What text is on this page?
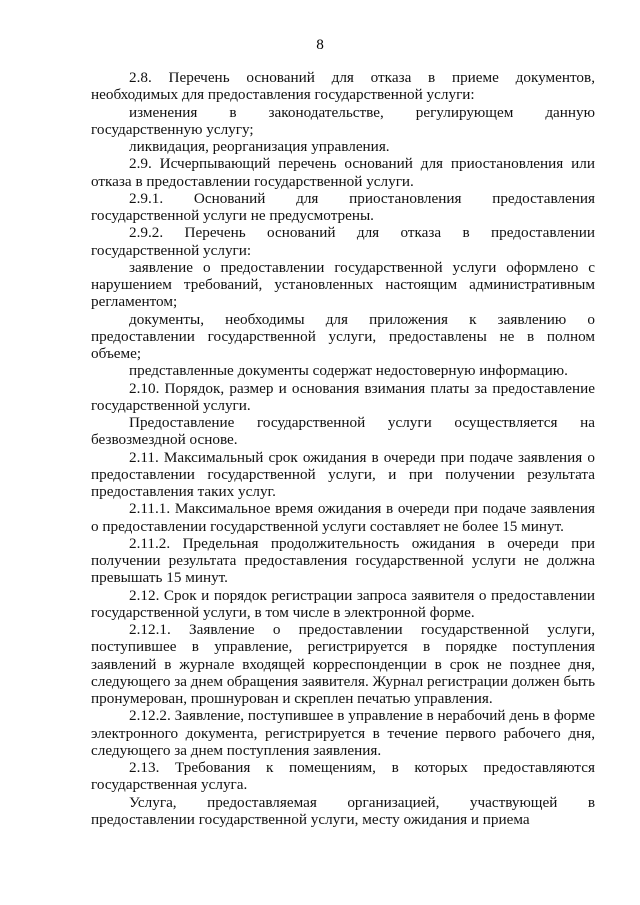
8

2.8. Перечень оснований для отказа в приеме документов, необходимых для предоставления государственной услуги:

изменения в законодательстве, регулирующем данную государственную услугу;

ликвидация, реорганизация управления.

2.9. Исчерпывающий перечень оснований для приостановления или отказа в предоставлении государственной услуги.

2.9.1. Оснований для приостановления предоставления государственной услуги не предусмотрены.

2.9.2. Перечень оснований для отказа в предоставлении государственной услуги:

заявление о предоставлении государственной услуги оформлено с нарушением требований, установленных настоящим административным регламентом;

документы, необходимы для приложения к заявлению о предоставлении государственной услуги, предоставлены не в полном объеме;

представленные документы содержат недостоверную информацию.

2.10. Порядок, размер и основания взимания платы за предоставление государственной услуги.

Предоставление государственной услуги осуществляется на безвозмездной основе.

2.11. Максимальный срок ожидания в очереди при подаче заявления о предоставлении государственной услуги, и при получении результата предоставления таких услуг.

2.11.1. Максимальное время ожидания в очереди при подаче заявления о предоставлении государственной услуги составляет не более 15 минут.

2.11.2. Предельная продолжительность ожидания в очереди при получении результата предоставления государственной услуги не должна превышать 15 минут.

2.12. Срок и порядок регистрации запроса заявителя о предоставлении государственной услуги, в том числе в электронной форме.

2.12.1. Заявление о предоставлении государственной услуги, поступившее в управление, регистрируется в порядке поступления заявлений в журнале входящей корреспонденции в срок не позднее дня, следующего за днем обращения заявителя. Журнал регистрации должен быть пронумерован, прошнурован и скреплен печатью управления.

2.12.2. Заявление, поступившее в управление в нерабочий день в форме электронного документа, регистрируется в течение первого рабочего дня, следующего за днем поступления заявления.

2.13. Требования к помещениям, в которых предоставляются государственная услуга.

Услуга, предоставляемая организацией, участвующей в предоставлении государственной услуги, месту ожидания и приема
